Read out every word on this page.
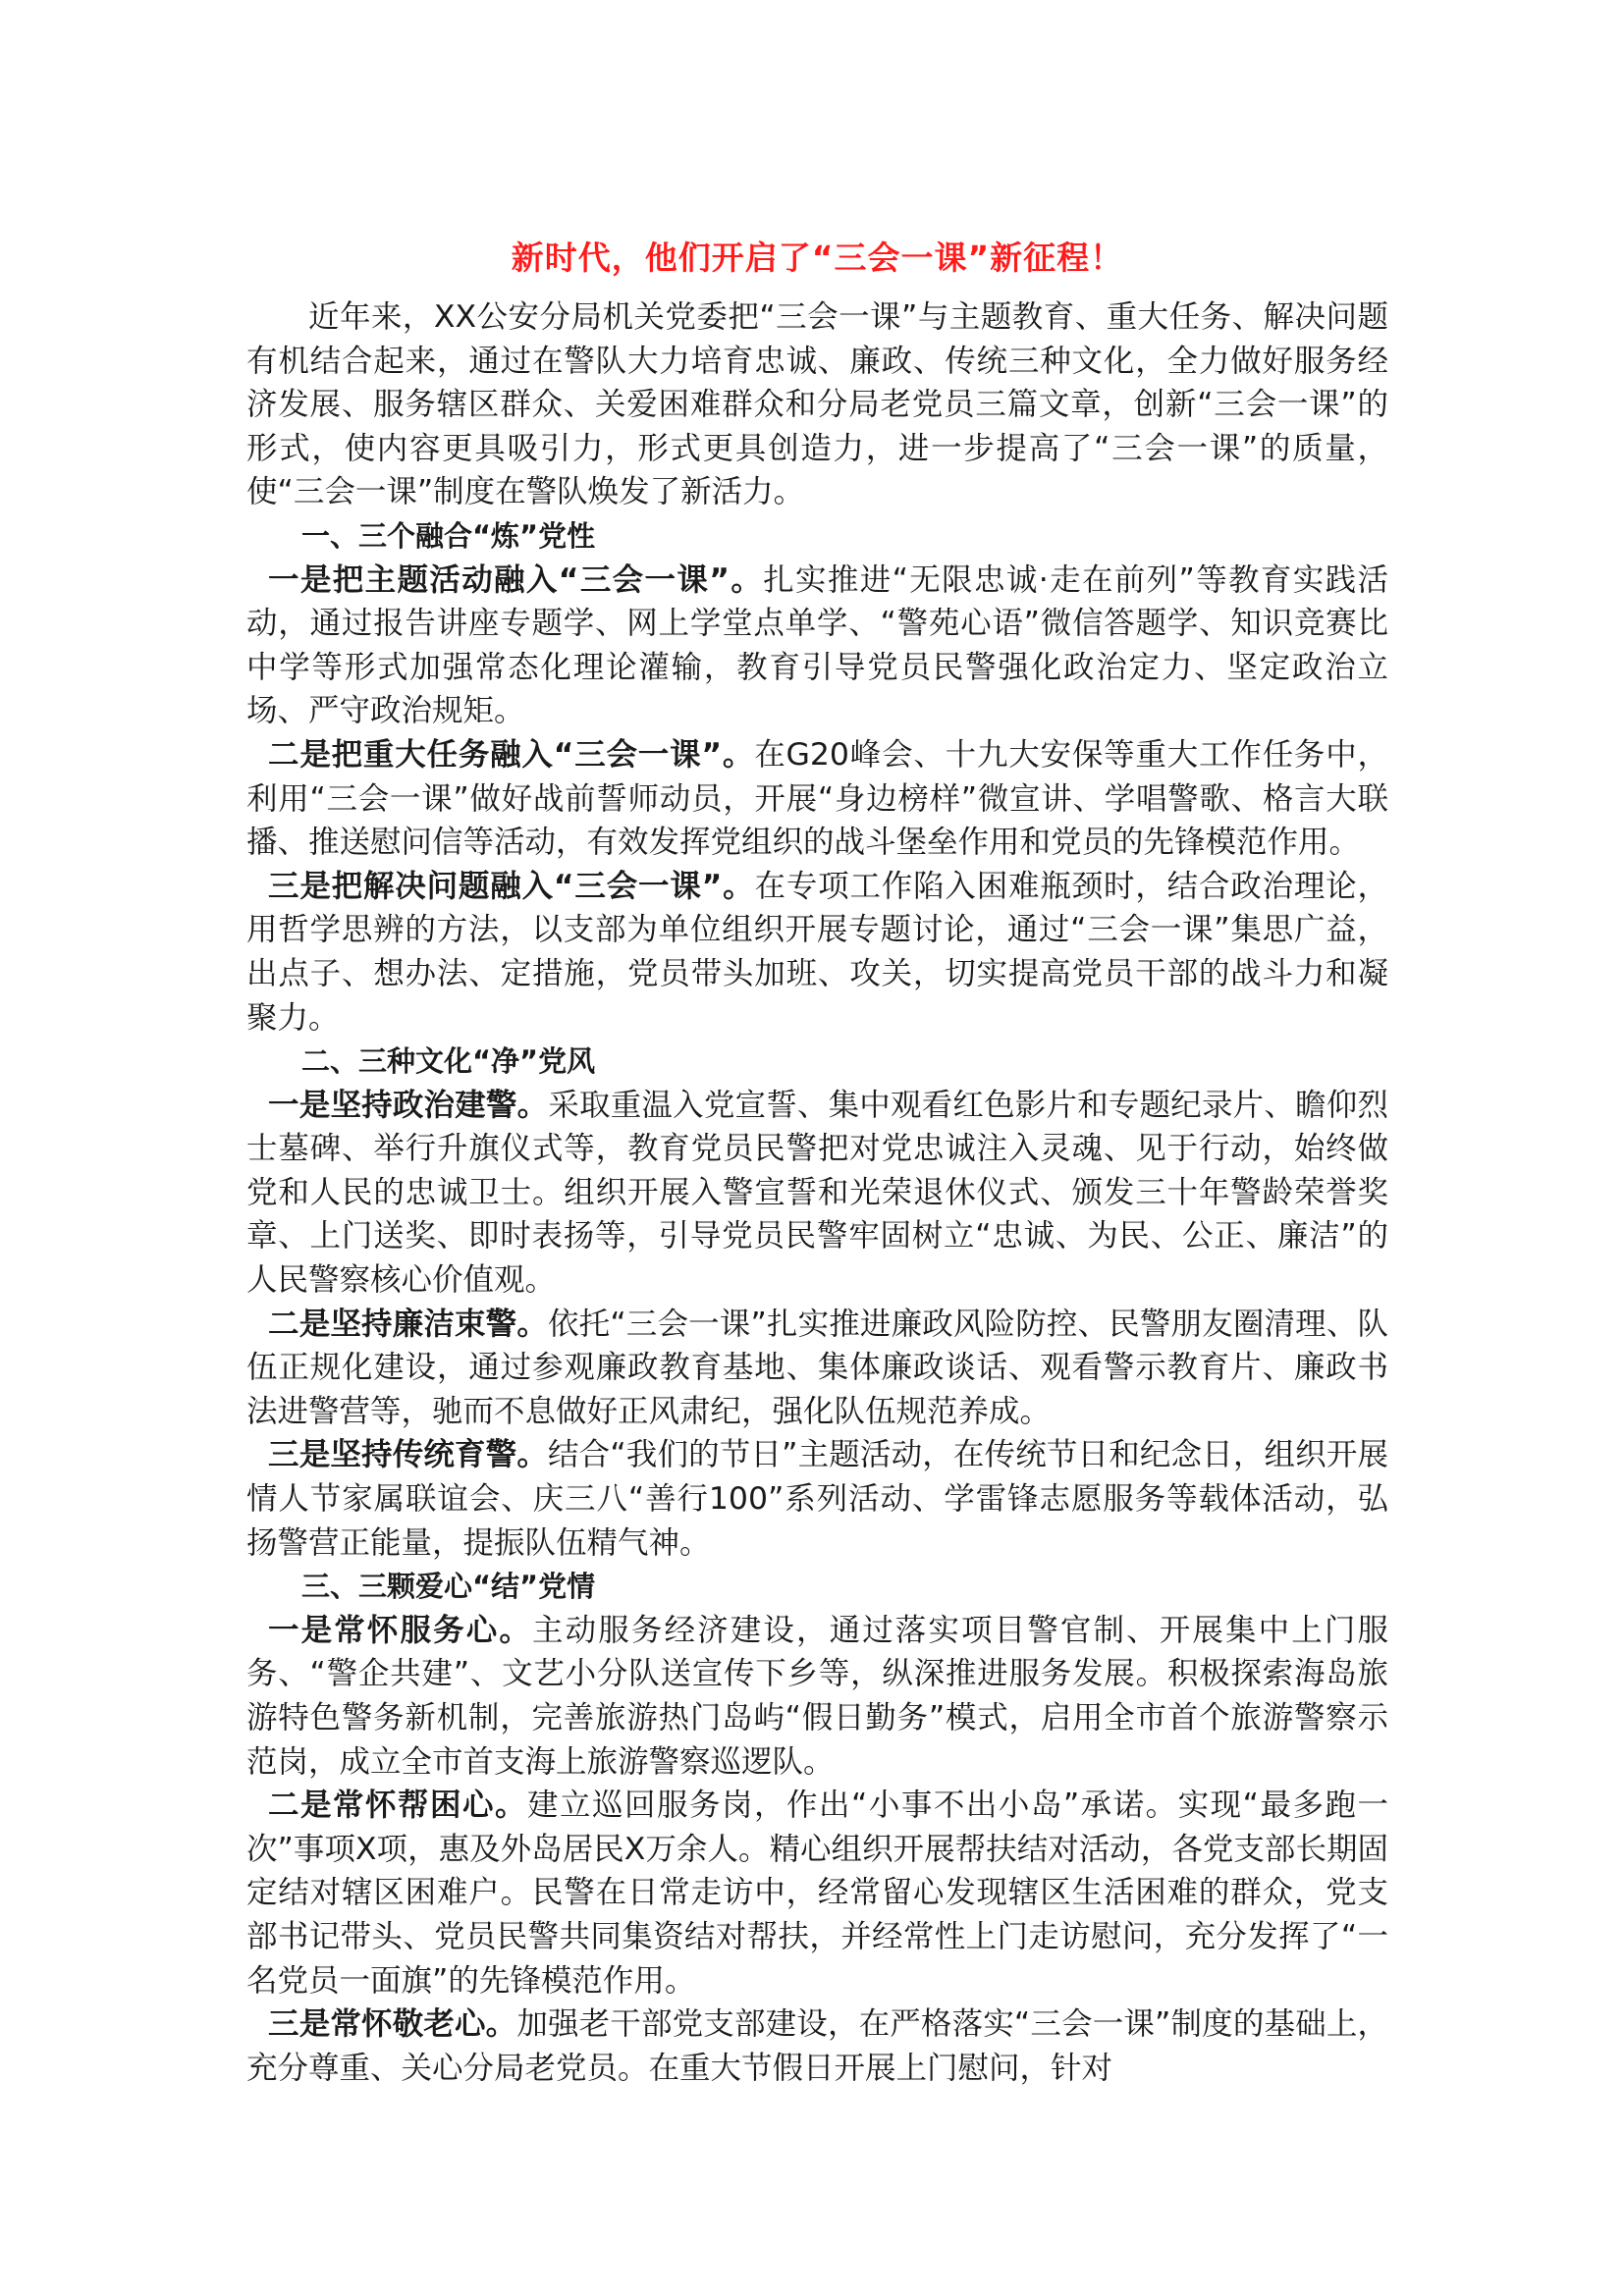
新时代，他们开启了“三会一课”新征程！

近年来，XX公安分局机关党委把“三会一课”与主题教育、重大任务、解决问题有机结合起来，通过在警队大力培育忠诚、廉政、传统三种文化，全力做好服务经济发展、服务辖区群众、关爱困难群众和分局老党员三篇文章，创新“三会一课”的形式，使内容更具吸引力，形式更具创造力，进一步提高了“三会一课”的质量，使“三会一课”制度在警队焕发了新活力。

一、三个融合“炼”党性

一是把主题活动融入“三会一课”。扎实推进“无限忠诚·走在前列”等教育实践活动，通过报告讲座专题学、网上学堂点单学、“警苑心语”微信答题学、知识竞赛比中学等形式加强常态化理论灌输，教育引导党员民警强化政治定力、坚定政治立场、严守政治规矩。

二是把重大任务融入“三会一课”。在G20峰会、十九大安保等重大工作任务中，利用“三会一课”做好战前誓师动员，开展“身边榜样”微宣讲、学唱警歌、格言大联播、推送慰问信等活动，有效发挥党组织的战斗堡垒作用和党员的先锋模范作用。

三是把解决问题融入“三会一课”。在专项工作陷入困难瓶颈时，结合政治理论，用哲学思辨的方法，以支部为单位组织开展专题讨论，通过“三会一课”集思广益，出点子、想办法、定措施，党员带头加班、攻关，切实提高党员干部的战斗力和凝聚力。

二、三种文化“净”党风

一是坚持政治建警。采取重温入党宣誓、集中观看红色影片和专题纪录片、瞻仰烈士墓碑、举行升旗仪式等，教育党员民警把对党忠诚注入灵魂、见于行动，始终做党和人民的忠诚卫士。组织开展入警宣誓和光荣退休仪式、颁发三十年警龄荣誉奖章、上门送奖、即时表扬等，引导党员民警牢固树立“忠诚、为民、公正、廉洁”的人民警察核心价值观。

二是坚持廉洁束警。依托“三会一课”扎实推进廉政风险防控、民警朋友圈清理、队伍正规化建设，通过参观廉政教育基地、集体廉政谈话、观看警示教育片、廉政书法进警营等，驰而不息做好正风肃纪，强化队伍规范养成。

三是坚持传统育警。结合“我们的节日”主题活动，在传统节日和纪念日，组织开展情人节家属联谊会、庆三八“善行100”系列活动、学雷锋志愿服务等载体活动，弘扬警营正能量，提振队伍精气神。

三、三颗爱心“结”党情

一是常怀服务心。主动服务经济建设，通过落实项目警官制、开展集中上门服务、“警企共建”、文艺小分队送宣传下乡等，纵深推进服务发展。积极探索海岛旅游特色警务新机制，完善旅游热门岛屿“假日勤务”模式，启用全市首个旅游警察示范岗，成立全市首支海上旅游警察巡逻队。

二是常怀帮困心。建立巡回服务岗，作出“小事不出小岛”承诺。实现“最多跑一次”事项X项，惠及外岛居民X万余人。精心组织开展帮扶结对活动，各党支部长期固定结对辖区困难户。民警在日常走访中，经常留心发现辖区生活困难的群众，党支部书记带头、党员民警共同集资结对帮扶，并经常性上门走访慰问，充分发挥了“一名党员一面旗”的先锋模范作用。

三是常怀敬老心。加强老干部党支部建设，在严格落实“三会一课”制度的基础上，充分尊重、关心分局老党员。在重大节假日开展上门慰问，针对
